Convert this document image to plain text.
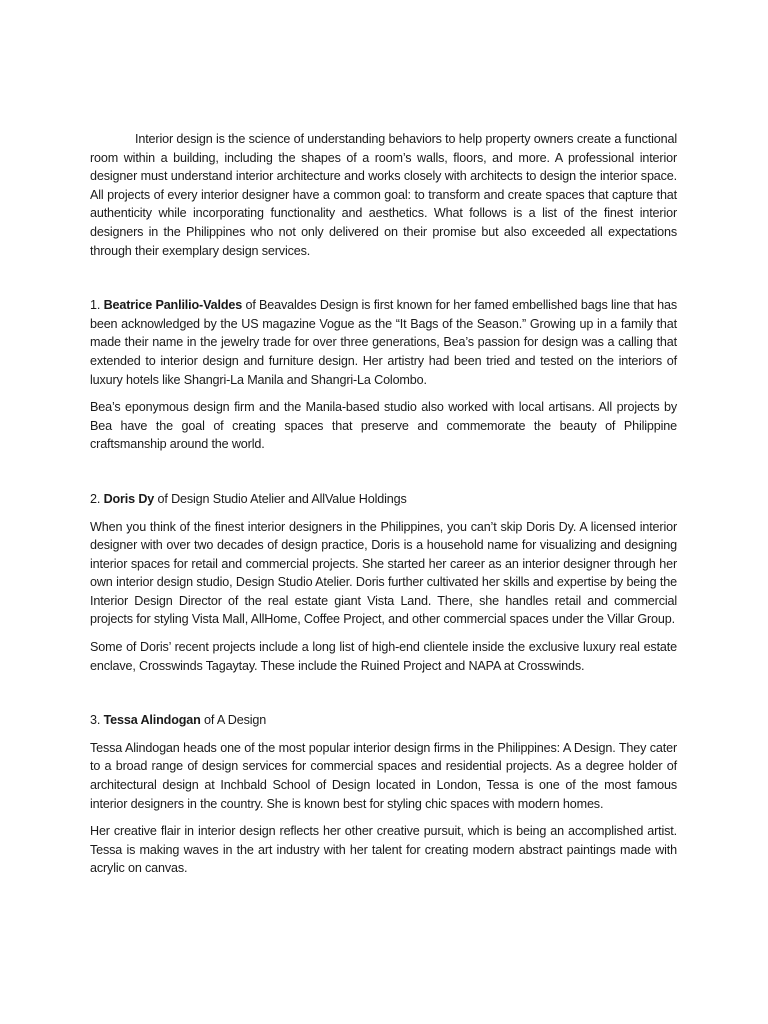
Interior design is the science of understanding behaviors to help property owners create a functional room within a building, including the shapes of a room’s walls, floors, and more. A professional interior designer must understand interior architecture and works closely with architects to design the interior space. All projects of every interior designer have a common goal: to transform and create spaces that capture that authenticity while incorporating functionality and aesthetics. What follows is a list of the finest interior designers in the Philippines who not only delivered on their promise but also exceeded all expectations through their exemplary design services.

1. Beatrice Panlilio-Valdes of Beavaldes Design is first known for her famed embellished bags line that has been acknowledged by the US magazine Vogue as the “It Bags of the Season.” Growing up in a family that made their name in the jewelry trade for over three generations, Bea’s passion for design was a calling that extended to interior design and furniture design. Her artistry had been tried and tested on the interiors of luxury hotels like Shangri-La Manila and Shangri-La Colombo.

Bea’s eponymous design firm and the Manila-based studio also worked with local artisans. All projects by Bea have the goal of creating spaces that preserve and commemorate the beauty of Philippine craftsmanship around the world.

2. Doris Dy of Design Studio Atelier and AllValue Holdings

When you think of the finest interior designers in the Philippines, you can’t skip Doris Dy. A licensed interior designer with over two decades of design practice, Doris is a household name for visualizing and designing interior spaces for retail and commercial projects. She started her career as an interior designer through her own interior design studio, Design Studio Atelier. Doris further cultivated her skills and expertise by being the Interior Design Director of the real estate giant Vista Land. There, she handles retail and commercial projects for styling Vista Mall, AllHome, Coffee Project, and other commercial spaces under the Villar Group.

Some of Doris’ recent projects include a long list of high-end clientele inside the exclusive luxury real estate enclave, Crosswinds Tagaytay. These include the Ruined Project and NAPA at Crosswinds.

3. Tessa Alindogan of A Design

Tessa Alindogan heads one of the most popular interior design firms in the Philippines: A Design. They cater to a broad range of design services for commercial spaces and residential projects. As a degree holder of architectural design at Inchbald School of Design located in London, Tessa is one of the most famous interior designers in the country. She is known best for styling chic spaces with modern homes.

Her creative flair in interior design reflects her other creative pursuit, which is being an accomplished artist. Tessa is making waves in the art industry with her talent for creating modern abstract paintings made with acrylic on canvas.
